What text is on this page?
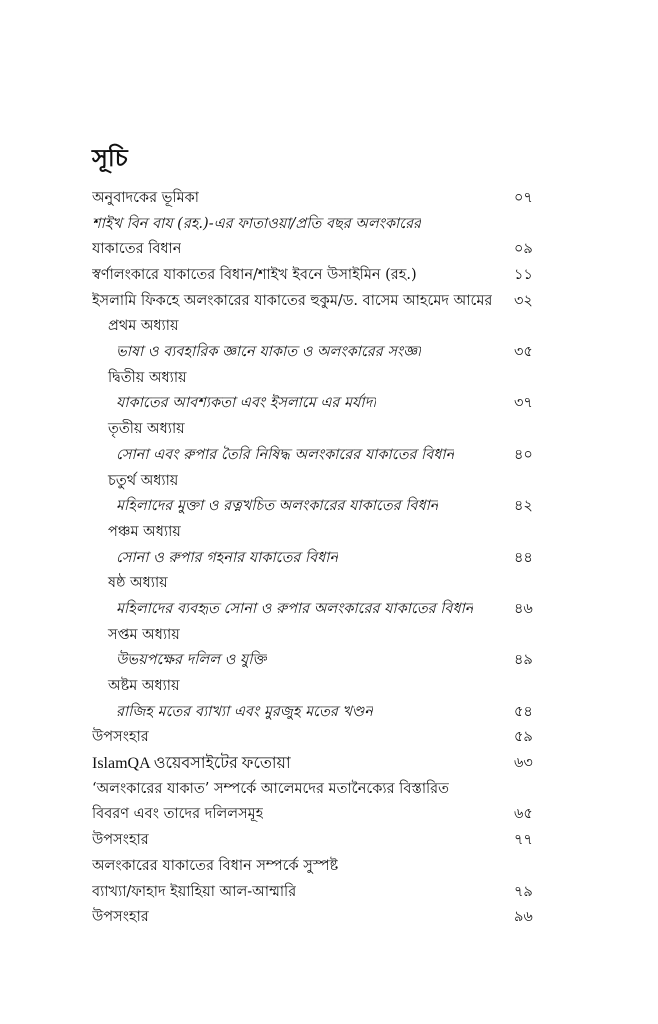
সূচি
অনুবাদকের ভূমিকা	০৭
শাইখ বিন বায (রহ.)-এর ফাতাওয়া/প্রতি বছর অলংকারের
যাকাতের বিধান	০৯
স্বর্ণালংকারে যাকাতের বিধান/শাইখ ইবনে উসাইমিন (রহ.)	১১
ইসলামি ফিকহে অলংকারের যাকাতের হুকুম/ড. বাসেম আহমেদ আমের ৩২
প্রথম অধ্যায়
ভাষা ও ব্যবহারিক জ্ঞানে যাকাত ও অলংকারের সংজ্ঞা	৩৫
দ্বিতীয় অধ্যায়
যাকাতের আবশ্যকতা এবং ইসলামে এর মর্যাদা	৩৭
তৃতীয় অধ্যায়
সোনা এবং রুপার তৈরি নিষিদ্ধ অলংকারের যাকাতের বিধান	৪০
চতুর্থ অধ্যায়
মহিলাদের মুক্তা ও রত্নখচিত অলংকারের যাকাতের বিধান	৪২
পঞ্চম অধ্যায়
সোনা ও রুপার গহনার যাকাতের বিধান	৪৪
ষষ্ঠ অধ্যায়
মহিলাদের ব্যবহৃত সোনা ও রুপার অলংকারের যাকাতের বিধান	৪৬
সপ্তম অধ্যায়
উভয়পক্ষের দলিল ও যুক্তি	৪৯
অষ্টম অধ্যায়
রাজিহ মতের ব্যাখ্যা এবং মুরজুহ মতের খণ্ডন	৫৪
উপসংহার	৫৯
IslamQA ওয়েবসাইটের ফতোয়া	৬৩
‘অলংকারের যাকাত’ সম্পর্কে আলেমদের মতানৈক্যের বিস্তারিত
বিবরণ এবং তাদের দলিলসমূহ	৬৫
উপসংহার	৭৭
অলংকারের যাকাতের বিধান সম্পর্কে সুস্পষ্ট
ব্যাখ্যা/ফাহাদ ইয়াহিয়া আল-আম্মারি	৭৯
উপসংহার	৯৬
